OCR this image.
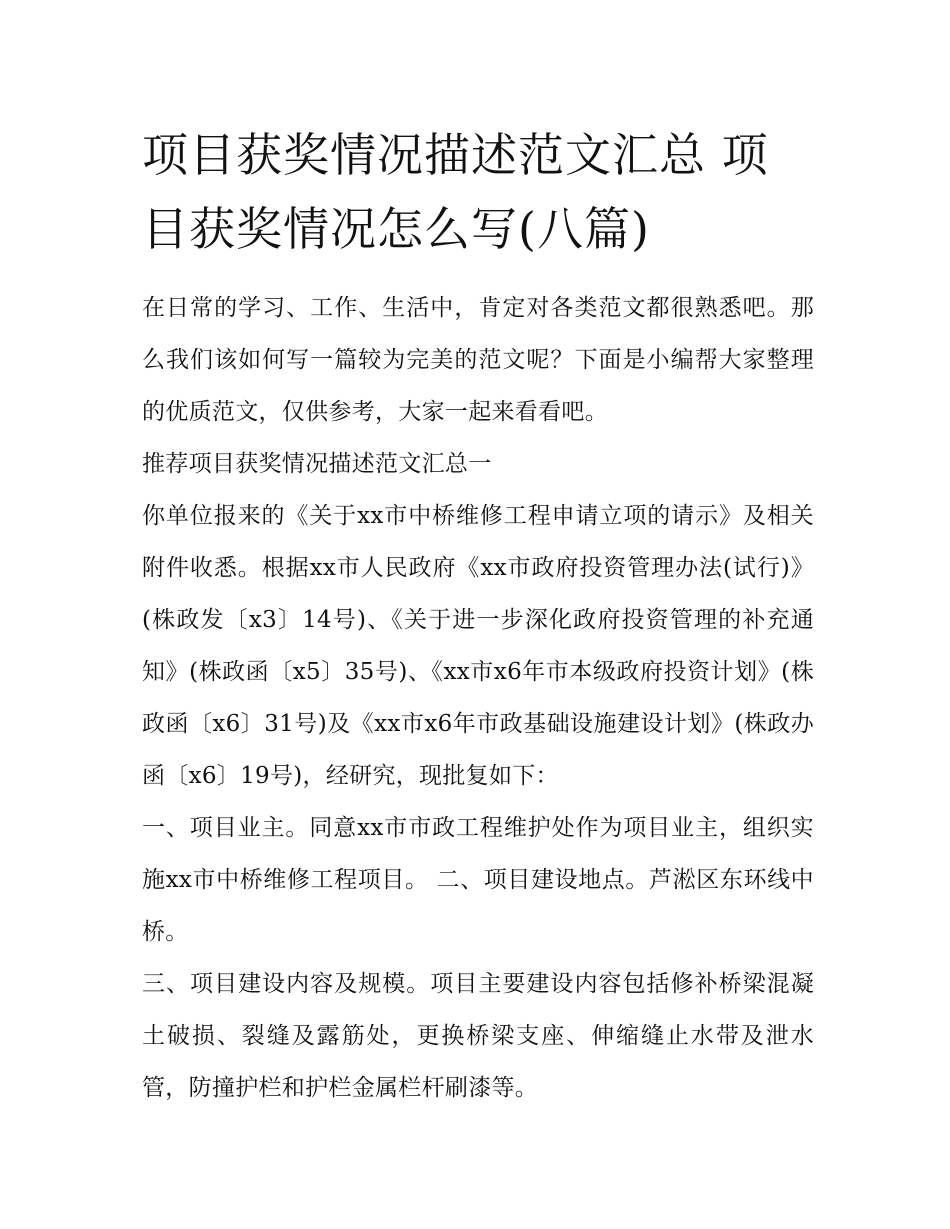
项目获奖情况描述范文汇总 项目获奖情况怎么写(八篇)

在日常的学习、工作、生活中，肯定对各类范文都很熟悉吧。那么我们该如何写一篇较为完美的范文呢？下面是小编帮大家整理的优质范文，仅供参考，大家一起来看看吧。

推荐项目获奖情况描述范文汇总一

你单位报来的《关于xx市中桥维修工程申请立项的请示》及相关附件收悉。根据xx市人民政府《xx市政府投资管理办法(试行)》(株政发〔x3〕14号)、《关于进一步深化政府投资管理的补充通知》(株政函〔x5〕35号)、《xx市x6年市本级政府投资计划》(株政函〔x6〕31号)及《xx市x6年市政基础设施建设计划》(株政办函〔x6〕19号)，经研究，现批复如下：

一、项目业主。同意xx市市政工程维护处作为项目业主，组织实施xx市中桥维修工程项目。 二、项目建设地点。芦淞区东环线中桥。

三、项目建设内容及规模。项目主要建设内容包括修补桥梁混凝土破损、裂缝及露筋处，更换桥梁支座、伸缩缝止水带及泄水管，防撞护栏和护栏金属栏杆刷漆等。
